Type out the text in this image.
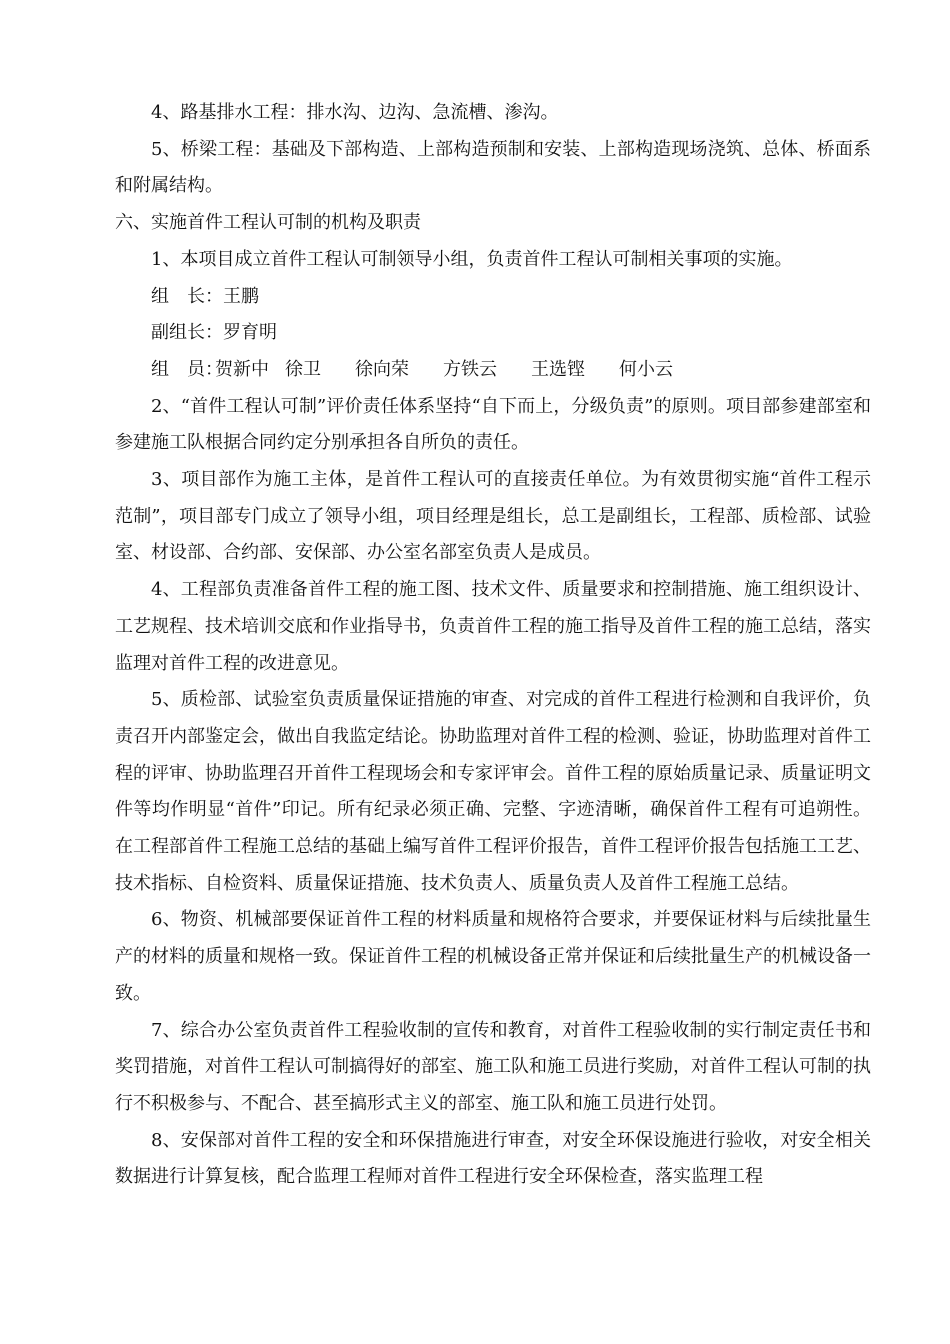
4、路基排水工程：排水沟、边沟、急流槽、渗沟。

5、桥梁工程：基础及下部构造、上部构造预制和安装、上部构造现场浇筑、总体、桥面系和附属结构。

六、实施首件工程认可制的机构及职责

1、本项目成立首件工程认可制领导小组，负责首件工程认可制相关事项的实施。

组　长：王鹏

副组长：罗育明

组　员：贺新中 徐卫 徐向荣 方铁云 王选铿 何小云

2、“首件工程认可制”评价责任体系坚持“自下而上，分级负责”的原则。项目部参建部室和参建施工队根据合同约定分别承担各自所负的责任。

3、项目部作为施工主体，是首件工程认可的直接责任单位。为有效贯彻实施“首件工程示范制”，项目部专门成立了领导小组，项目经理是组长，总工是副组长，工程部、质检部、试验室、材设部、合约部、安保部、办公室名部室负责人是成员。

4、工程部负责准备首件工程的施工图、技术文件、质量要求和控制措施、施工组织设计、工艺规程、技术培训交底和作业指导书，负责首件工程的施工指导及首件工程的施工总结，落实监理对首件工程的改进意见。

5、质检部、试验室负责质量保证措施的审查、对完成的首件工程进行检测和自我评价，负责召开内部鉴定会，做出自我监定结论。协助监理对首件工程的检测、验证，协助监理对首件工程的评审、协助监理召开首件工程现场会和专家评审会。首件工程的原始质量记录、质量证明文件等均作明显“首件”印记。所有纪录必须正确、完整、字迹清晰，确保首件工程有可追朔性。在工程部首件工程施工总结的基础上编写首件工程评价报告，首件工程评价报告包括施工工艺、技术指标、自检资料、质量保证措施、技术负责人、质量负责人及首件工程施工总结。

6、物资、机械部要保证首件工程的材料质量和规格符合要求，并要保证材料与后续批量生产的材料的质量和规格一致。保证首件工程的机械设备正常并保证和后续批量生产的机械设备一致。

7、综合办公室负责首件工程验收制的宣传和教育，对首件工程验收制的实行制定责任书和奖罚措施，对首件工程认可制搞得好的部室、施工队和施工员进行奖励，对首件工程认可制的执行不积极参与、不配合、甚至搞形式主义的部室、施工队和施工员进行处罚。

8、安保部对首件工程的安全和环保措施进行审查，对安全环保设施进行验收，对安全相关数据进行计算复核，配合监理工程师对首件工程进行安全环保检查，落实监理工程
